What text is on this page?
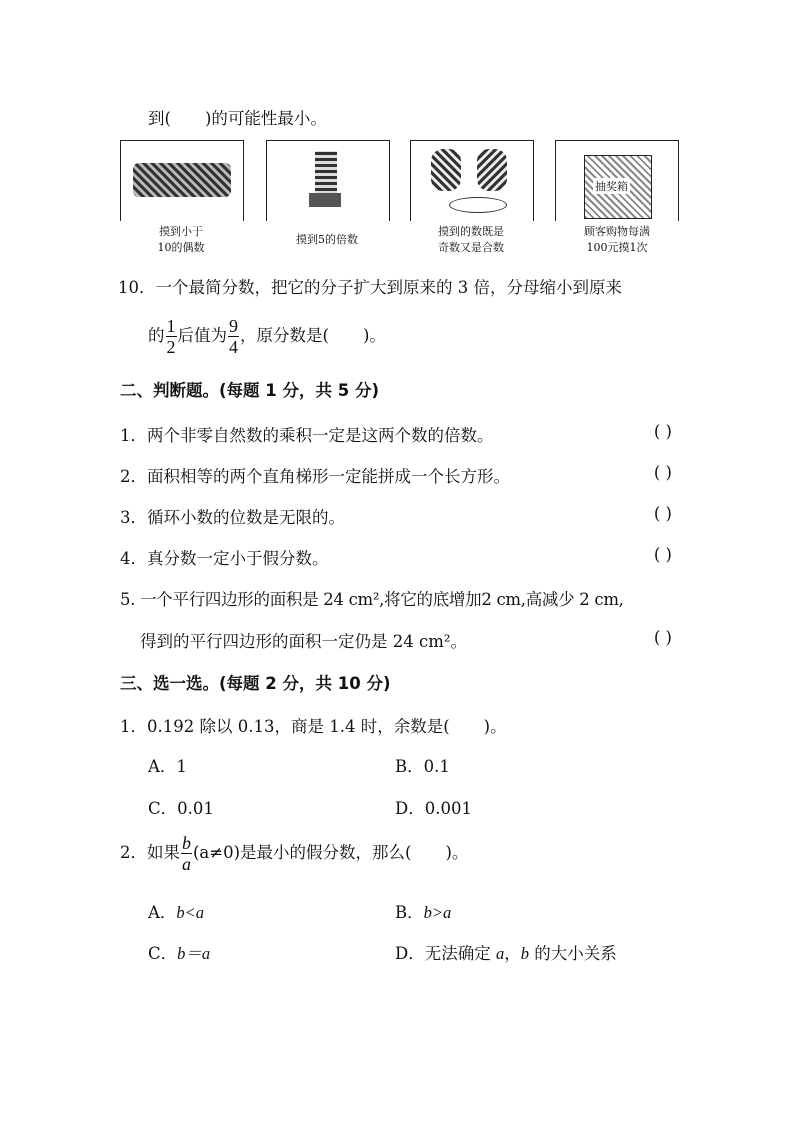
到( )的可能性最小。
摸到小于
10的偶数
摸到5的倍数
摸到的数既是
奇数又是合数
抽奖箱
顾客购物每满
100元摸1次
10．一个最简分数，把它的分子扩大到原来的 3 倍，分母缩小到原来
的 $\frac{1}{2}$ 后值为 $\frac{9}{4}$ ，原分数是( )。
二、判断题。(每题 1 分，共 5 分)
1．两个非零自然数的乘积一定是这两个数的倍数。	( )
2．面积相等的两个直角梯形一定能拼成一个长方形。	( )
3．循环小数的位数是无限的。	( )
4．真分数一定小于假分数。	( )
5. 一个平行四边形的面积是 24 cm²,将它的底增加2 cm,高减少 2 cm,
得到的平行四边形的面积一定仍是 24 cm²。	( )
三、选一选。(每题 2 分，共 10 分)
1．0.192 除以 0.13，商是 1.4 时，余数是( )。
A．1	B．0.1
C．0.01	D．0.001
2．如果 $\frac{b}{a} (a\ne 0)$是最小的假分数，那么( )。
A．b<a	B．b>a
C．b＝a	D．无法确定 a，b 的大小关系
